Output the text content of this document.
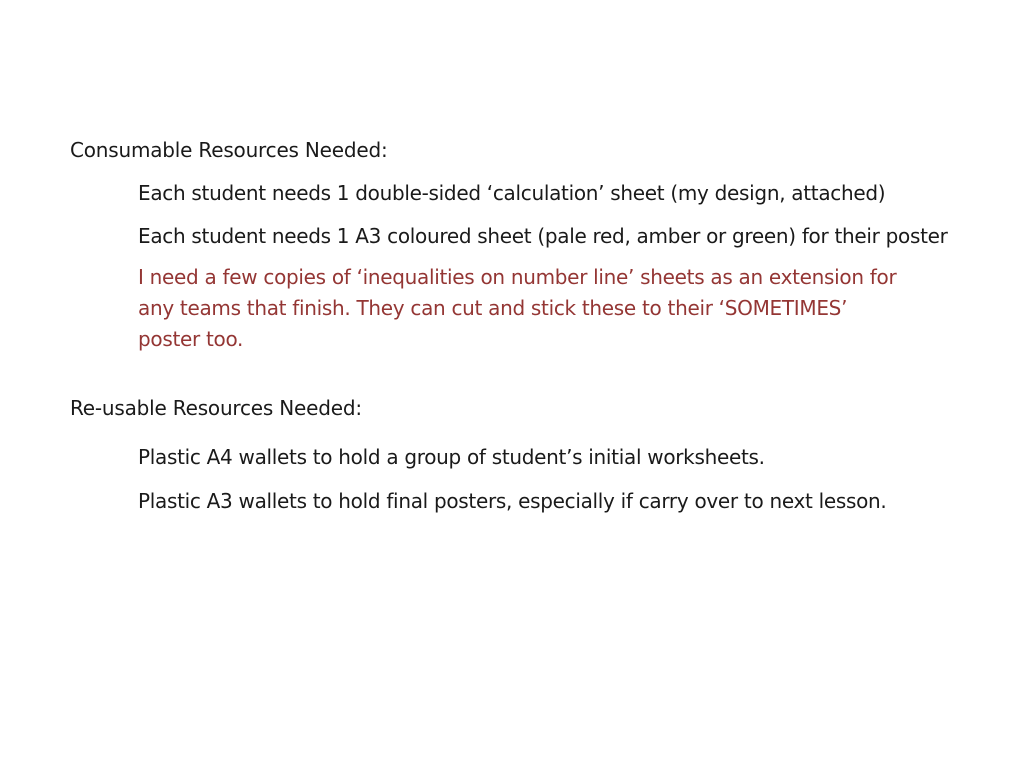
Consumable Resources Needed:

Each student needs 1 double-sided ‘calculation’ sheet (my design, attached)

Each student needs 1 A3 coloured sheet (pale red, amber or green) for their poster

I need a few copies of ‘inequalities on number line’ sheets as an extension for
any teams that finish. They can cut and stick these to their ‘SOMETIMES’
poster too.
Re-usable Resources Needed:

Plastic A4 wallets to hold a group of student’s initial worksheets.

Plastic A3 wallets to hold final posters, especially if carry over to next lesson.
